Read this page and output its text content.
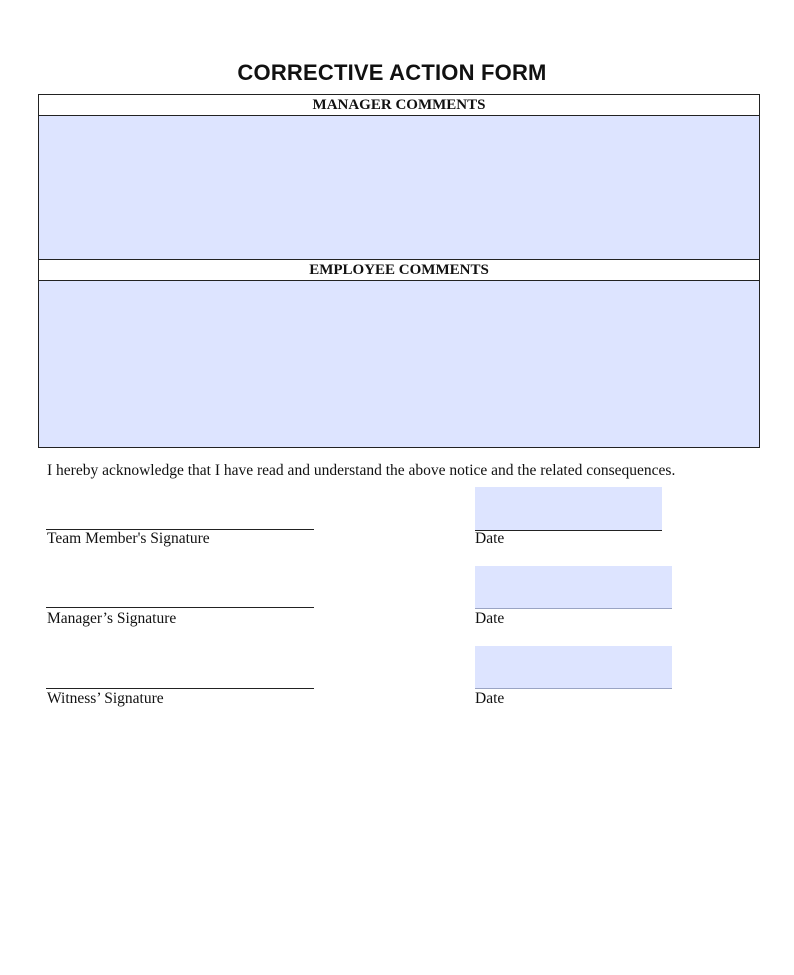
CORRECTIVE ACTION FORM
MANAGER COMMENTS
EMPLOYEE COMMENTS
I hereby acknowledge that I have read and understand the above notice and the related consequences.
Team Member's Signature	Date
Manager’s Signature	Date
Witness’ Signature	Date
